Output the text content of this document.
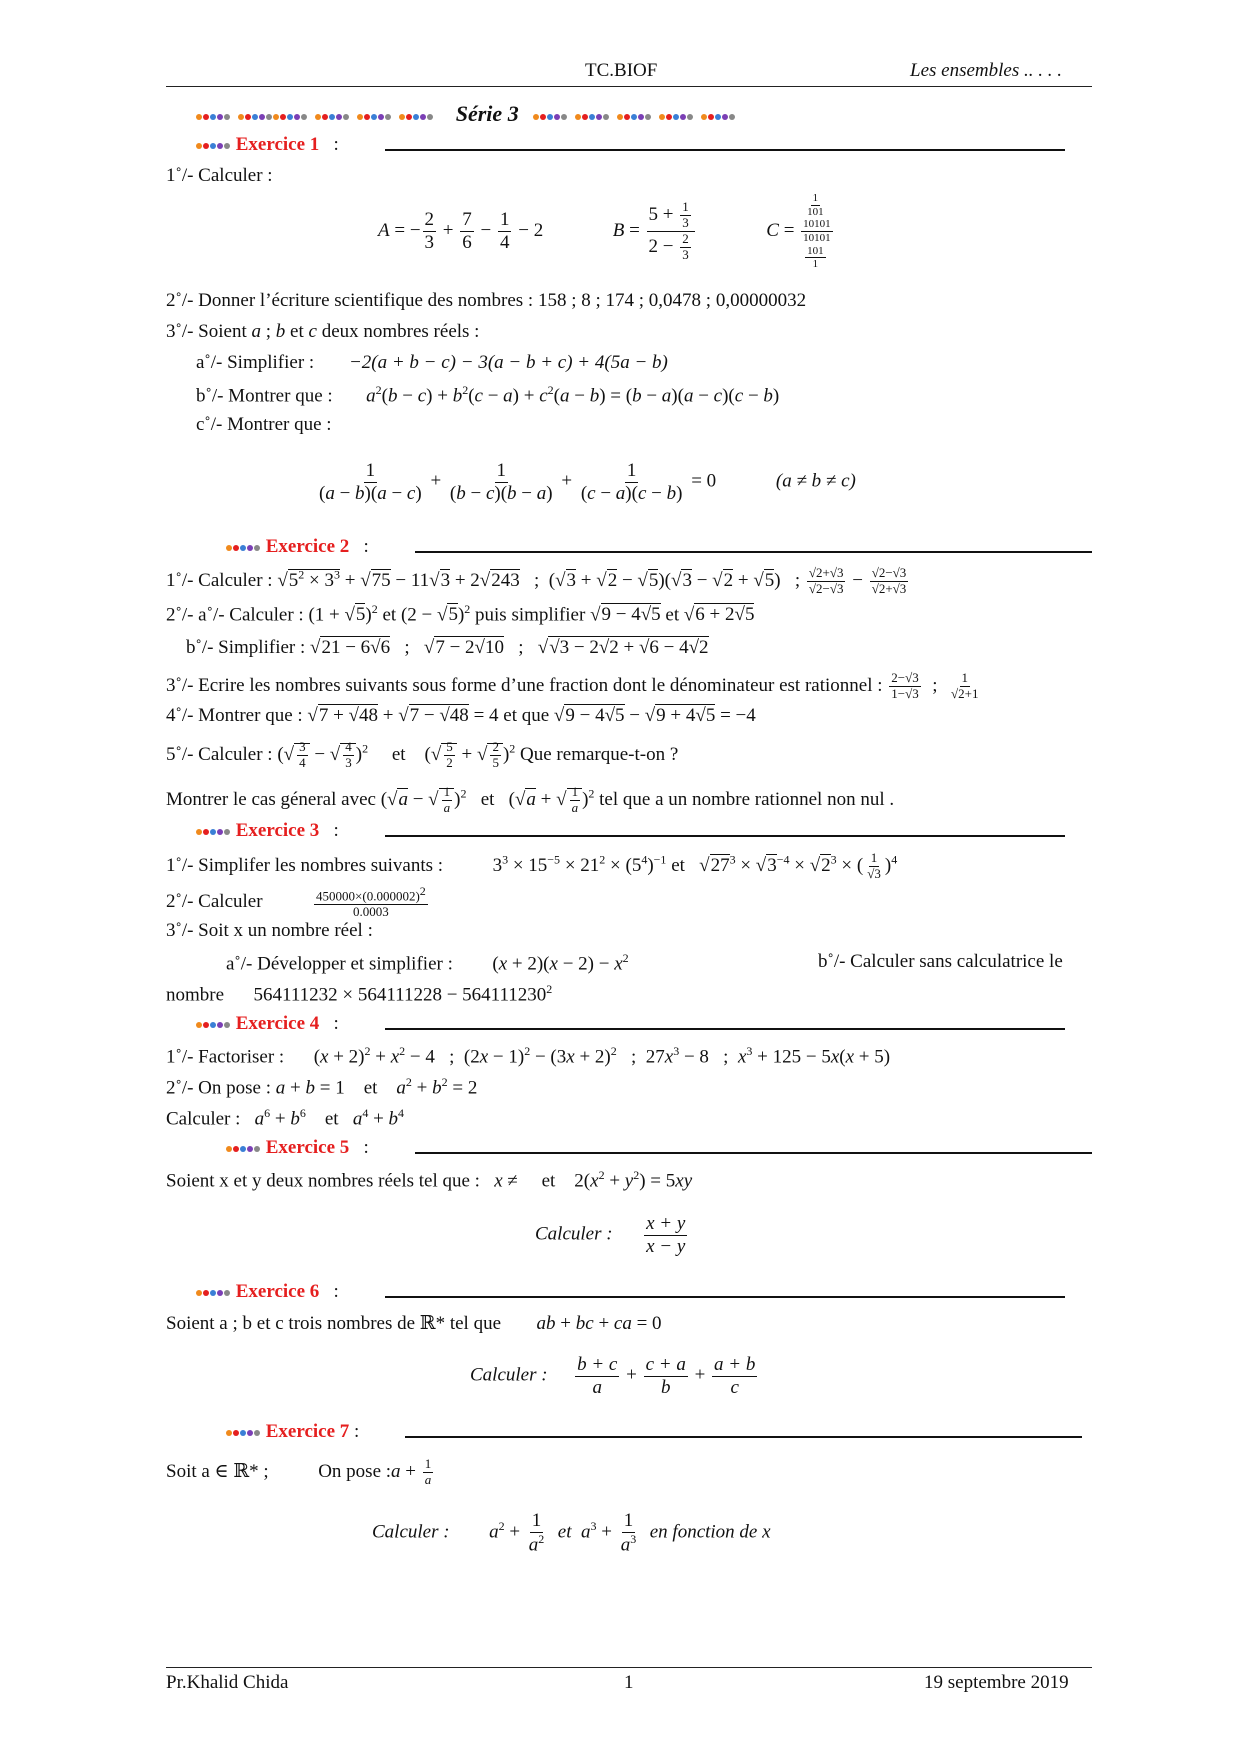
TC.BIOF	Les ensembles .. . . .
Série 3
Exercice 1   :
1˚/- Calculer :
A = − $\frac{2}{3} + \frac{7}{6} - \frac{1}{4} - 2$	$B = \frac{5 + \frac{1}{3}}{2 - \frac{2}{3}}$	C =
$\frac{1}{101}$

10101
10101

$\frac{101}{1}$
2˚/- Donner l’écriture scientifique des nombres : 158 ; 8 ; 174 ; 0,0478 ; 0,00000032
3˚/- Soient a ; b et c deux nombres réels :
a˚/- Simplifier : −2(a + b − c) − 3(a − b + c) + 4(5a − b)
b˚/- Montrer que : $a^2(b - c) + b^2(c - a) + c^2(a - b) = (b - a)(a - c)(c - b)$
c˚/- Montrer que :
$\frac{1}{(a - b)(a - c)} + \frac{1}{(b - c)(b - a)} + \frac{1}{(c - a)(c - b)} = 0$	(a ≠ b ≠ c)
Exercice 2   :
1˚/- Calculer : $√5^2 \times 3^3 + √75 - 11√3 + 2√243$   ;  (√3 + √2 − √5)(√3 − √2 + √5)   ; $\frac{√2+√3}{√2-√3} - \frac{√2-√3}{√2+√3}$
2˚/- a˚/- Calculer : $(1 + √5)^2$ et $(2 - √5)^2$ puis simplifier √9 − 4√5 et √6 + 2√5
b˚/- Simplifier : √21 − 6√6   ;   √7 − 2√10   ;   √√3 − 2√2 + √6 − 4√2
3˚/- Ecrire les nombres suivants sous forme d’une fraction dont le dénominateur est rationnel : $\frac{2-√3}{1-√3}$ ; $\frac{1}{√2+1}$
4˚/- Montrer que : √7 + √48 + √7 − √48 = 4 et que √9 − 4√5 − √9 + 4√5 = −4
5˚/- Calculer : (√ $\frac{3}{4}$ − √ $\frac{4}{3} )^2$     et    (√ $\frac{5}{2}$ + √ $\frac{2}{5} )^2$ Que remarque-t-on ?
Montrer le cas géneral avec (√a − √ $\frac{1}{a} )^2$   et   (√a + √ $\frac{1}{a} )^2$ tel que a un nombre rationnel non nul .
Exercice 3   :
1˚/- Simplifer les nombres suivants :  $3^3 \times 15^{-5} \times 21^2 \times (5^4)^{-1}$ et   $√27^3 \times √3^{-4} \times √2^3$ × ( $\frac{1}{√3} )^4$
2˚/- Calculer	$\frac{450000\times(0.000002)^2}{0.0003}$
3˚/- Soit x un nombre réel :
a˚/- Développer et simplifier :  $(x + 2)(x - 2) - x^2$	b˚/- Calculer sans calculatrice le
nombre  $564111232 \times 564111228 - 564111230^2$
Exercice 4   :
1˚/- Factoriser :  $(x + 2)^2 + x^2 - 4$   ;  $(2x - 1)^2 - (3x + 2)^2$   ;  $27x^3 - 8$   ;  $x^3 + 125 - 5x(x + 5)$
2˚/- On pose : a + b = 1    et    $a^2 + b^2 = 2$
Calculer : $a^6 + b^6$    et   $a^4 + b^4$
Exercice 5   :
Soient x et y deux nombres réels tel que : x ≠     et    $2(x^2 + y^2) = 5xy$
Calculer : $\frac{x + y}{x - y}$
Exercice 6   :
Soient a ; b et c trois nombres de ℝ* tel que ab + bc + ca = 0
Calculer : $\frac{b + c}{a} + \frac{c + a}{b} + \frac{a + b}{c}$
Exercice 7 :
Soit a ∈ ℝ* ;	On pose :a + $\frac{1}{a}$
Calculer : $a^2 + \frac{1}{a^2}$ et $a^3 + \frac{1}{a^3}$ en fonction de x
Pr.Khalid Chida	1	19 septembre 2019
